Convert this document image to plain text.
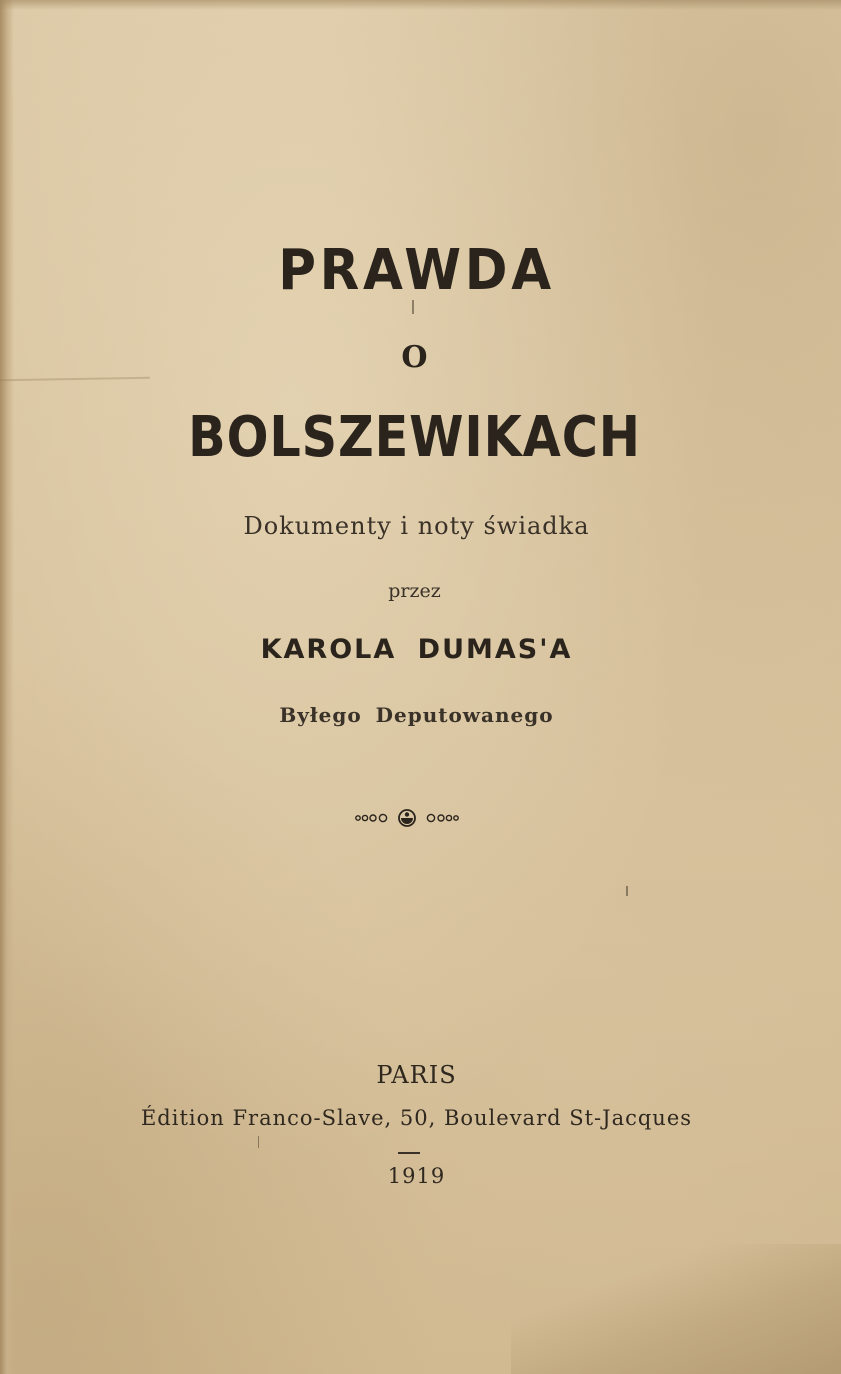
PRAWDA
O
BOLSZEWIKACH
Dokumenty i noty świadka
przez
KAROLA DUMAS'A
Byłego Deputowanego
PARIS
Édition Franco-Slave, 50, Boulevard St-Jacques
1919
